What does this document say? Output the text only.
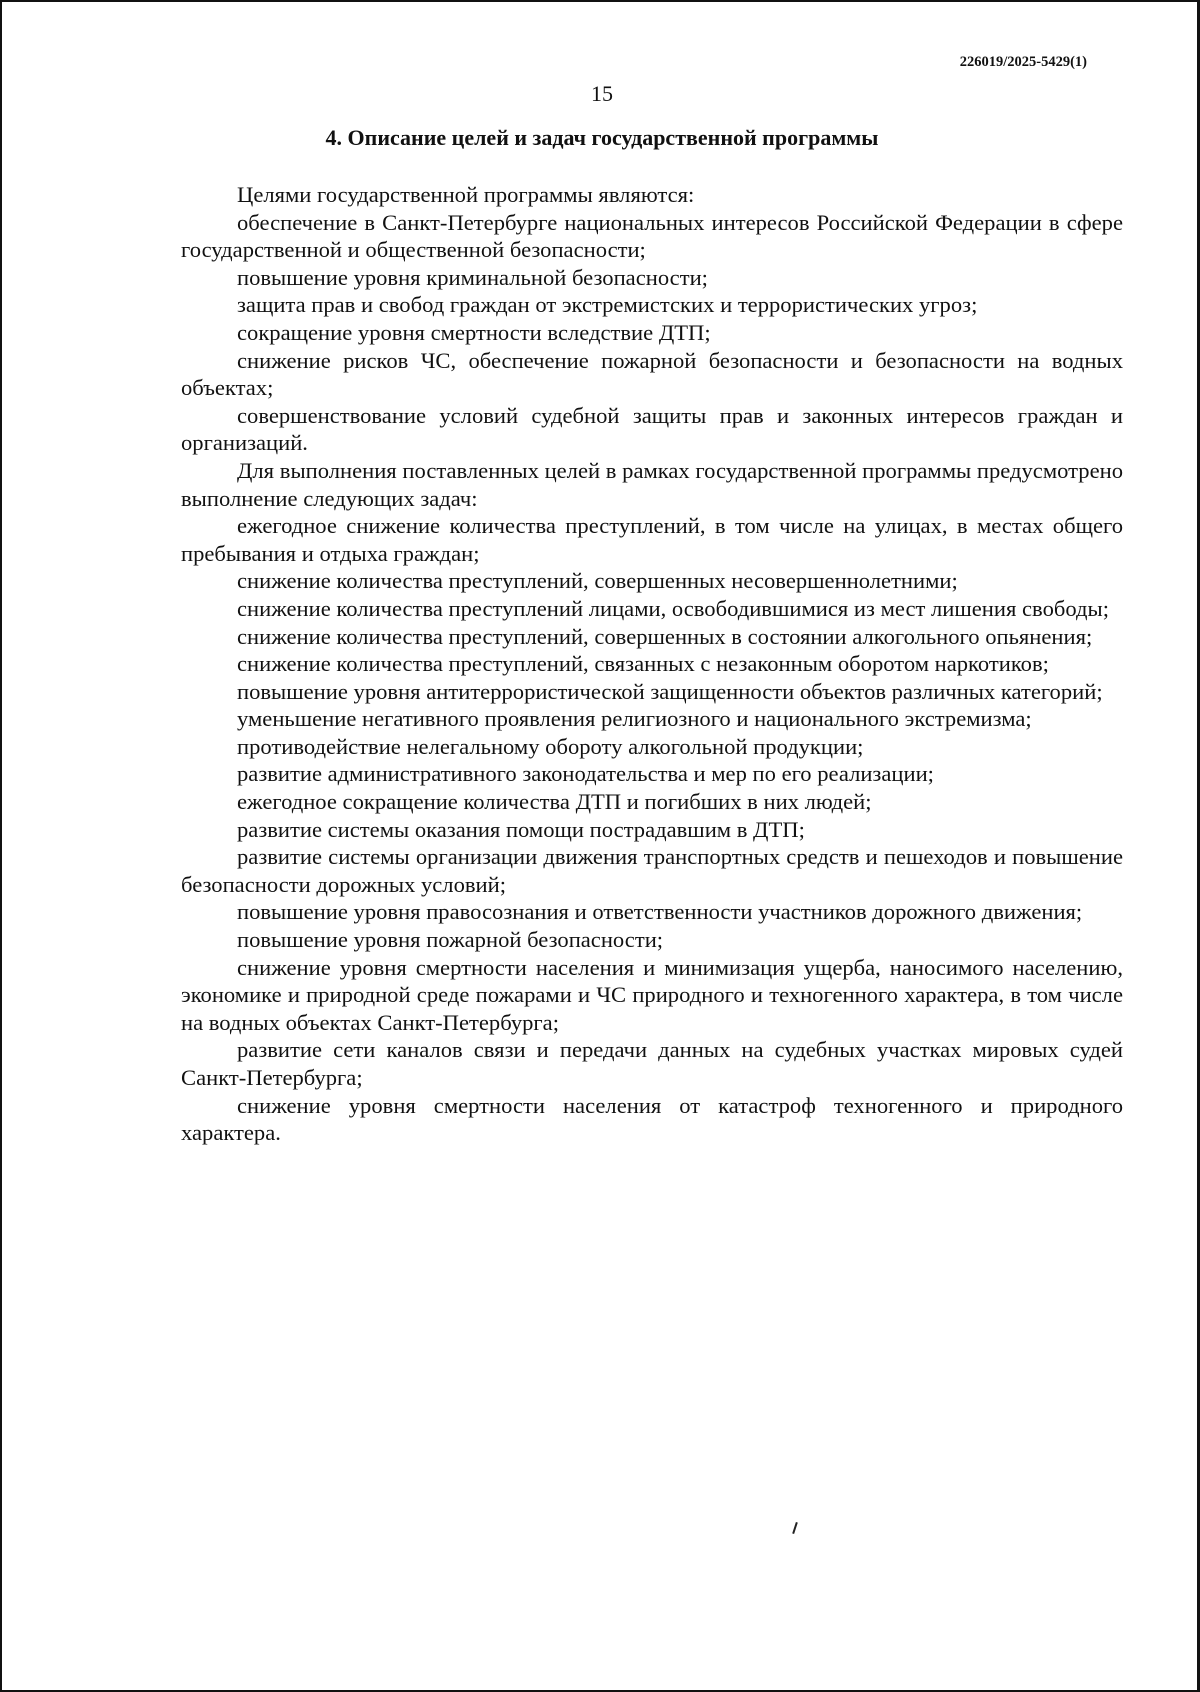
226019/2025-5429(1)
15
4. Описание целей и задач государственной программы

Целями государственной программы являются:

обеспечение в Санкт-Петербурге национальных интересов Российской Федерации в сфере государственной и общественной безопасности;

повышение уровня криминальной безопасности;

защита прав и свобод граждан от экстремистских и террористических угроз;

сокращение уровня смертности вследствие ДТП;

снижение рисков ЧС, обеспечение пожарной безопасности и безопасности на водных объектах;

совершенствование условий судебной защиты прав и законных интересов граждан и организаций.

Для выполнения поставленных целей в рамках государственной программы предусмотрено выполнение следующих задач:

ежегодное снижение количества преступлений, в том числе на улицах, в местах общего пребывания и отдыха граждан;

снижение количества преступлений, совершенных несовершеннолетними;

снижение количества преступлений лицами, освободившимися из мест лишения свободы;

снижение количества преступлений, совершенных в состоянии алкогольного опьянения;

снижение количества преступлений, связанных с незаконным оборотом наркотиков;

повышение уровня антитеррористической защищенности объектов различных категорий;

уменьшение негативного проявления религиозного и национального экстремизма;

противодействие нелегальному обороту алкогольной продукции;

развитие административного законодательства и мер по его реализации;

ежегодное сокращение количества ДТП и погибших в них людей;

развитие системы оказания помощи пострадавшим в ДТП;

развитие системы организации движения транспортных средств и пешеходов и повышение безопасности дорожных условий;

повышение уровня правосознания и ответственности участников дорожного движения;

повышение уровня пожарной безопасности;

снижение уровня смертности населения и минимизация ущерба, наносимого населению, экономике и природной среде пожарами и ЧС природного и техногенного характера, в том числе на водных объектах Санкт-Петербурга;

развитие сети каналов связи и передачи данных на судебных участках мировых судей Санкт-Петербурга;

снижение уровня смертности населения от катастроф техногенного и природного характера.
